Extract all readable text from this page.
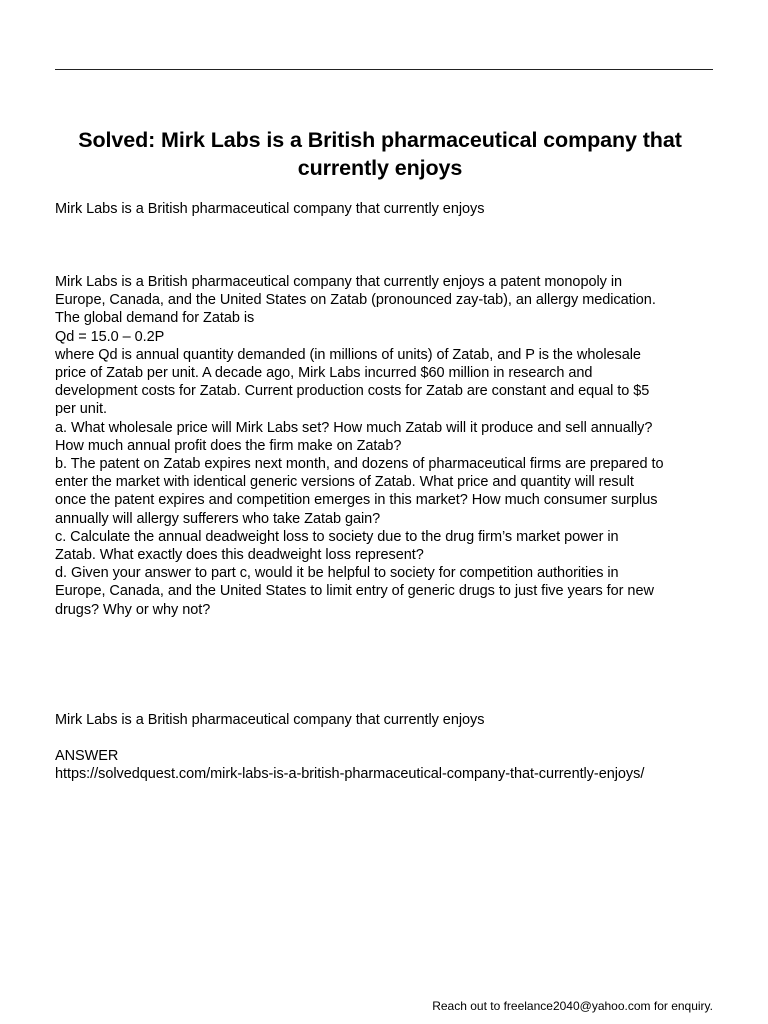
Solved: Mirk Labs is a British pharmaceutical company that currently enjoys

Mirk Labs is a British pharmaceutical company that currently enjoys

Mirk Labs is a British pharmaceutical company that currently enjoys a patent monopoly in
Europe, Canada, and the United States on Zatab (pronounced zay-tab), an allergy medication.
The global demand for Zatab is
Qd = 15.0 – 0.2P
where Qd is annual quantity demanded (in millions of units) of Zatab, and P is the wholesale
price of Zatab per unit. A decade ago, Mirk Labs incurred $60 million in research and
development costs for Zatab. Current production costs for Zatab are constant and equal to $5
per unit.
a. What wholesale price will Mirk Labs set? How much Zatab will it produce and sell annually?
How much annual profit does the firm make on Zatab?
b. The patent on Zatab expires next month, and dozens of pharmaceutical firms are prepared to
enter the market with identical generic versions of Zatab. What price and quantity will result
once the patent expires and competition emerges in this market? How much consumer surplus
annually will allergy sufferers who take Zatab gain?
c. Calculate the annual deadweight loss to society due to the drug firm’s market power in
Zatab. What exactly does this deadweight loss represent?
d. Given your answer to part c, would it be helpful to society for competition authorities in
Europe, Canada, and the United States to limit entry of generic drugs to just five years for new
drugs? Why or why not?

Mirk Labs is a British pharmaceutical company that currently enjoys

ANSWER

https://solvedquest.com/mirk-labs-is-a-british-pharmaceutical-company-that-currently-enjoys/

Reach out to freelance2040@yahoo.com for enquiry.
